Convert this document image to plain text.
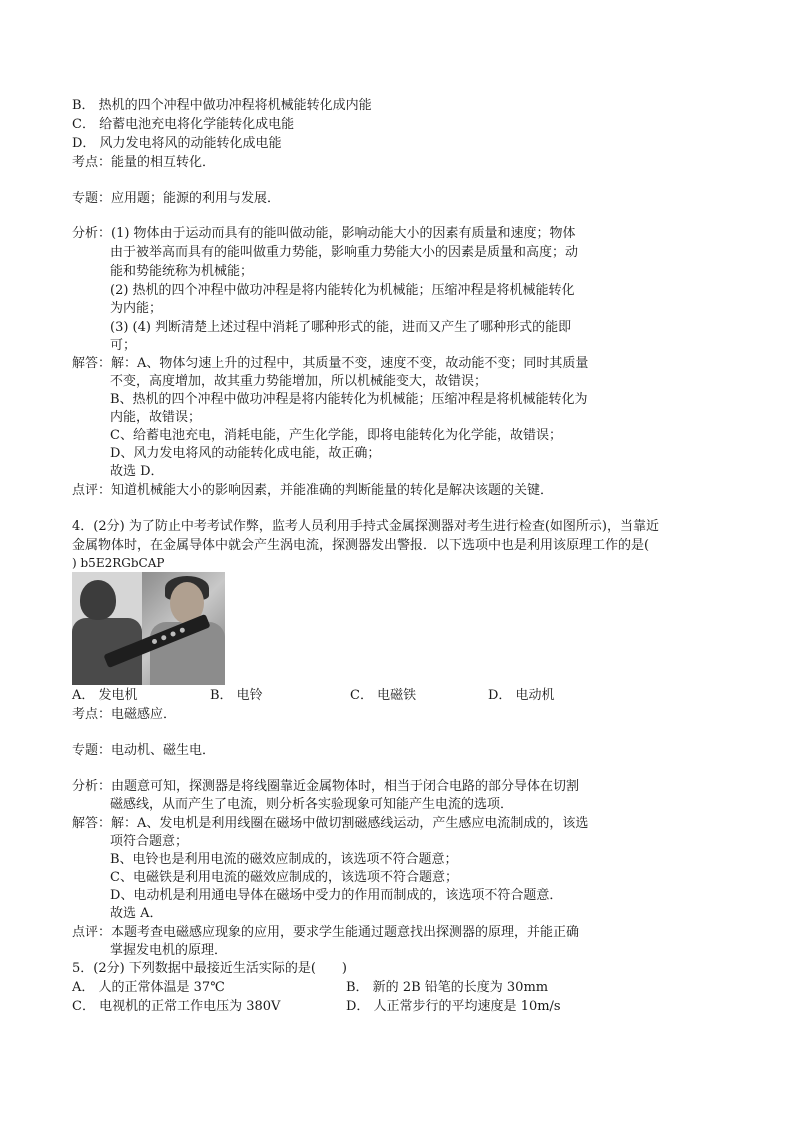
B． 热机的四个冲程中做功冲程将机械能转化成内能
C． 给蓄电池充电将化学能转化成电能
D． 风力发电将风的动能转化成电能
考点：能量的相互转化．
专题：应用题；能源的利用与发展．
分析：(1) 物体由于运动而具有的能叫做动能，影响动能大小的因素有质量和速度；物体
由于被举高而具有的能叫做重力势能，影响重力势能大小的因素是质量和高度；动
能和势能统称为机械能；
(2) 热机的四个冲程中做功冲程是将内能转化为机械能；压缩冲程是将机械能转化
为内能；
(3) (4) 判断清楚上述过程中消耗了哪种形式的能，进而又产生了哪种形式的能即
可；
解答：解：A、物体匀速上升的过程中，其质量不变，速度不变，故动能不变；同时其质量
不变，高度增加，故其重力势能增加，所以机械能变大，故错误；
B、热机的四个冲程中做功冲程是将内能转化为机械能；压缩冲程是将机械能转化为
内能，故错误；
C、给蓄电池充电，消耗电能，产生化学能，即将电能转化为化学能，故错误；
D、风力发电将风的动能转化成电能，故正确；
故选 D．
点评：知道机械能大小的影响因素，并能准确的判断能量的转化是解决该题的关键．
4．(2分) 为了防止中考考试作弊，监考人员利用手持式金属探测器对考生进行检查(如图所示)，当靠近
金属物体时，在金属导体中就会产生涡电流，探测器发出警报．以下选项中也是利用该原理工作的是(
) b5E2RGbCAP
A． 发电机	B． 电铃	C． 电磁铁	D． 电动机
考点：电磁感应．
专题：电动机、磁生电．
分析：由题意可知，探测器是将线圈靠近金属物体时，相当于闭合电路的部分导体在切割
磁感线，从而产生了电流，则分析各实验现象可知能产生电流的选项．
解答：解：A、发电机是利用线圈在磁场中做切割磁感线运动，产生感应电流制成的，该选
项符合题意；
B、电铃也是利用电流的磁效应制成的，该选项不符合题意；
C、电磁铁是利用电流的磁效应制成的，该选项不符合题意；
D、电动机是利用通电导体在磁场中受力的作用而制成的，该选项不符合题意．
故选 A．
点评：本题考查电磁感应现象的应用，要求学生能通过题意找出探测器的原理，并能正确
掌握发电机的原理．
5．(2分) 下列数据中最接近生活实际的是(　　)
A． 人的正常体温是 37℃	B． 新的 2B 铅笔的长度为 30mm
C． 电视机的正常工作电压为 380V	D． 人正常步行的平均速度是 10m/s
